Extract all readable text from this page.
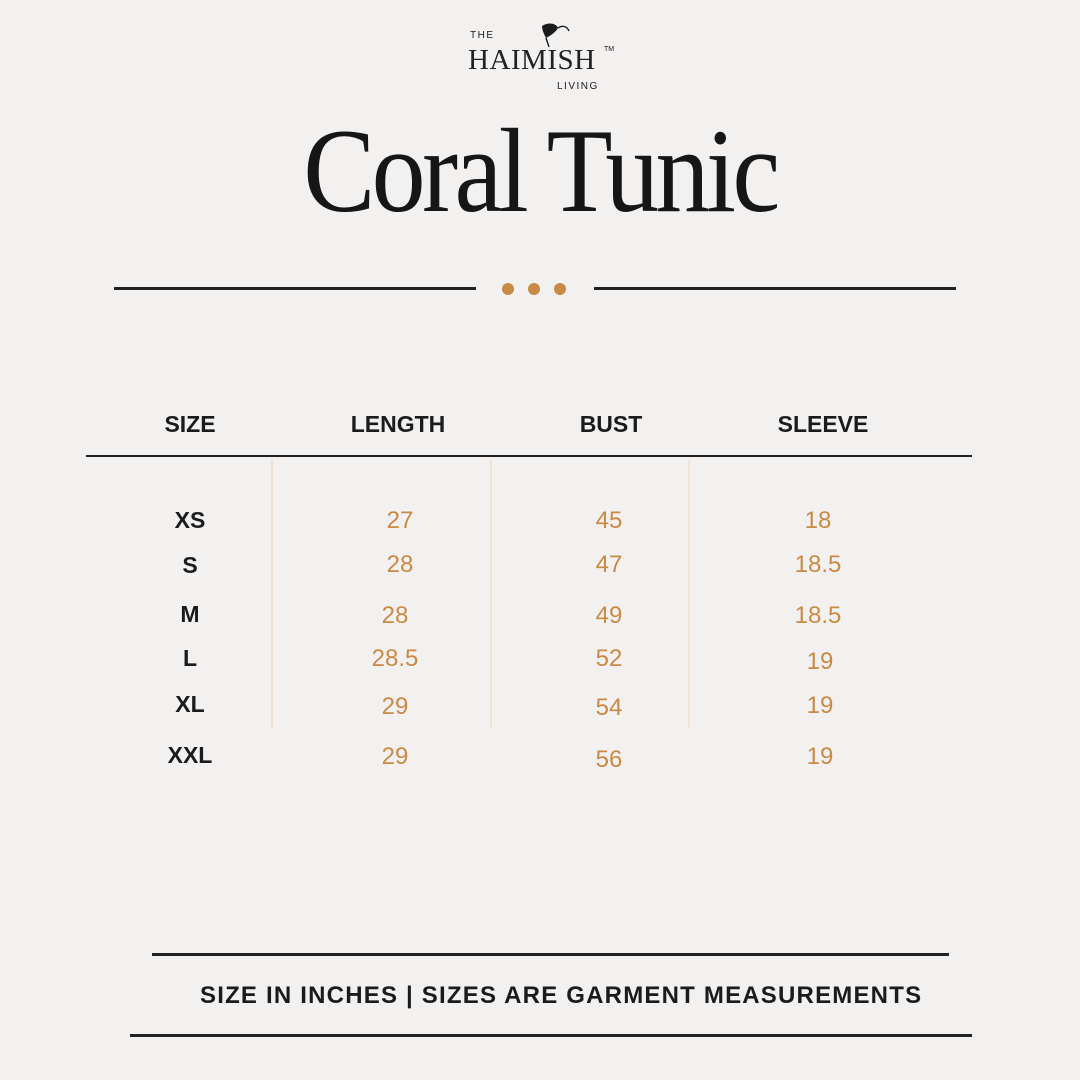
THE
HAIMISH TM
LIVING
Coral Tunic
SIZE	LENGTH	BUST	SLEEVE
XS	27	45	18
S	28	47	18.5
M	28	49	18.5
L	28.5	52	19
XL	29	54	19
XXL	29	56	19
SIZE IN INCHES | SIZES ARE GARMENT MEASUREMENTS
